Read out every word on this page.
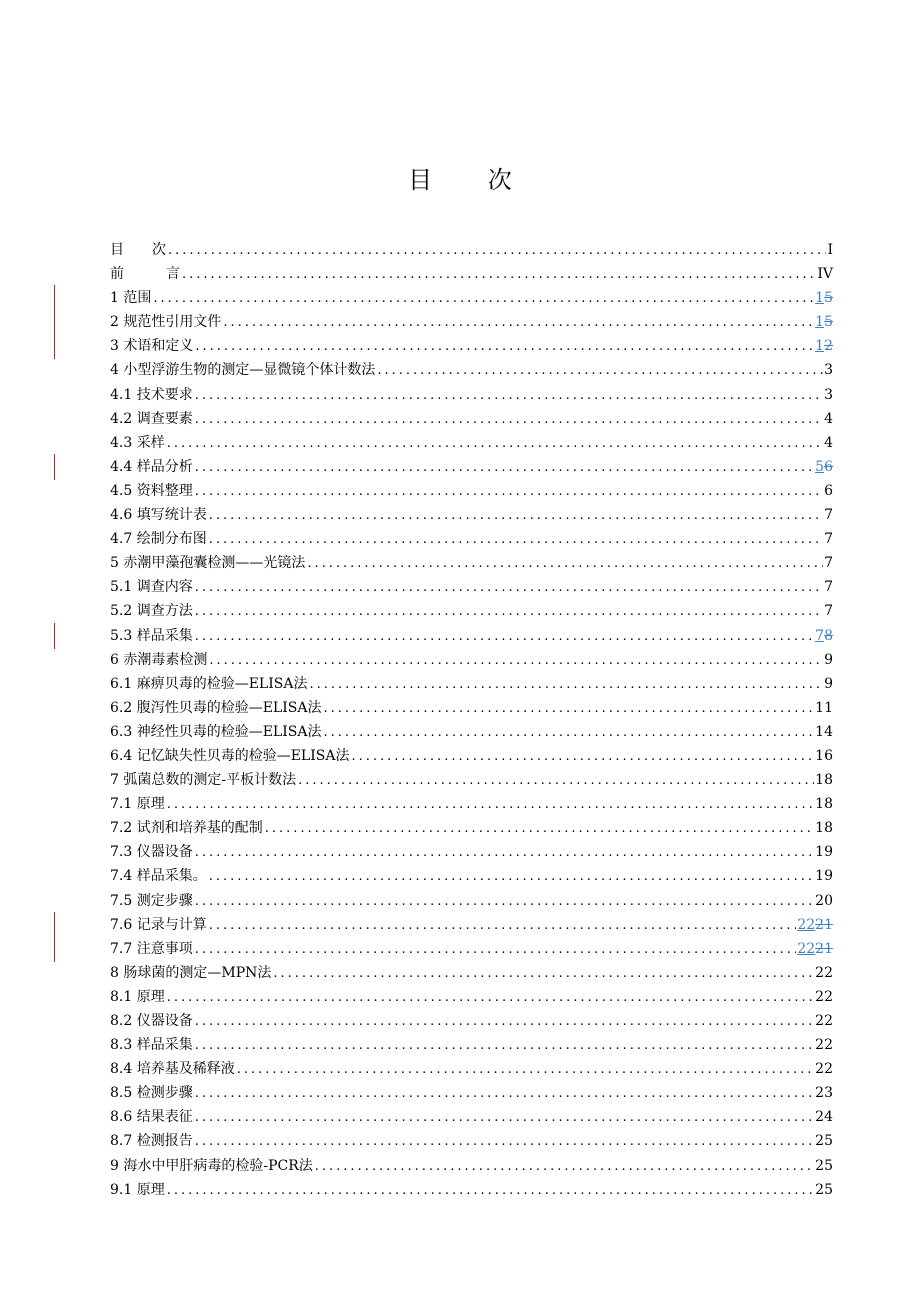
目 次
目　　次 .....	I
前　　　言 .....	IV
1 范围 .....	15
2 规范性引用文件 .....	15
3 术语和定义 .....	12
4 小型浮游生物的测定—显微镜个体计数法 .....	3
4.1 技术要求 .....	3
4.2 调查要素 .....	4
4.3 采样 .....	4
4.4 样品分析 .....	56
4.5 资料整理 .....	6
4.6 填写统计表 .....	7
4.7 绘制分布图 .....	7
5 赤潮甲藻孢囊检测——光镜法 .....	7
5.1 调查内容 .....	7
5.2 调查方法 .....	7
5.3 样品采集 .....	78
6 赤潮毒素检测 .....	9
6.1 麻痹贝毒的检验—ELISA法 .....	9
6.2 腹泻性贝毒的检验—ELISA法 .....	11
6.3 神经性贝毒的检验—ELISA法 .....	14
6.4 记忆缺失性贝毒的检验—ELISA法 .....	16
7 弧菌总数的测定-平板计数法 .....	18
7.1 原理 .....	18
7.2 试剂和培养基的配制 .....	18
7.3 仪器设备 .....	19
7.4 样品采集。 .....	19
7.5 测定步骤 .....	20
7.6 记录与计算 .....	2221
7.7 注意事项 .....	2221
8 肠球菌的测定—MPN法 .....	22
8.1 原理 .....	22
8.2 仪器设备 .....	22
8.3 样品采集 .....	22
8.4 培养基及稀释液 .....	22
8.5 检测步骤 .....	23
8.6 结果表征 .....	24
8.7 检测报告 .....	25
9 海水中甲肝病毒的检验-PCR法 .....	25
9.1 原理 .....	25
